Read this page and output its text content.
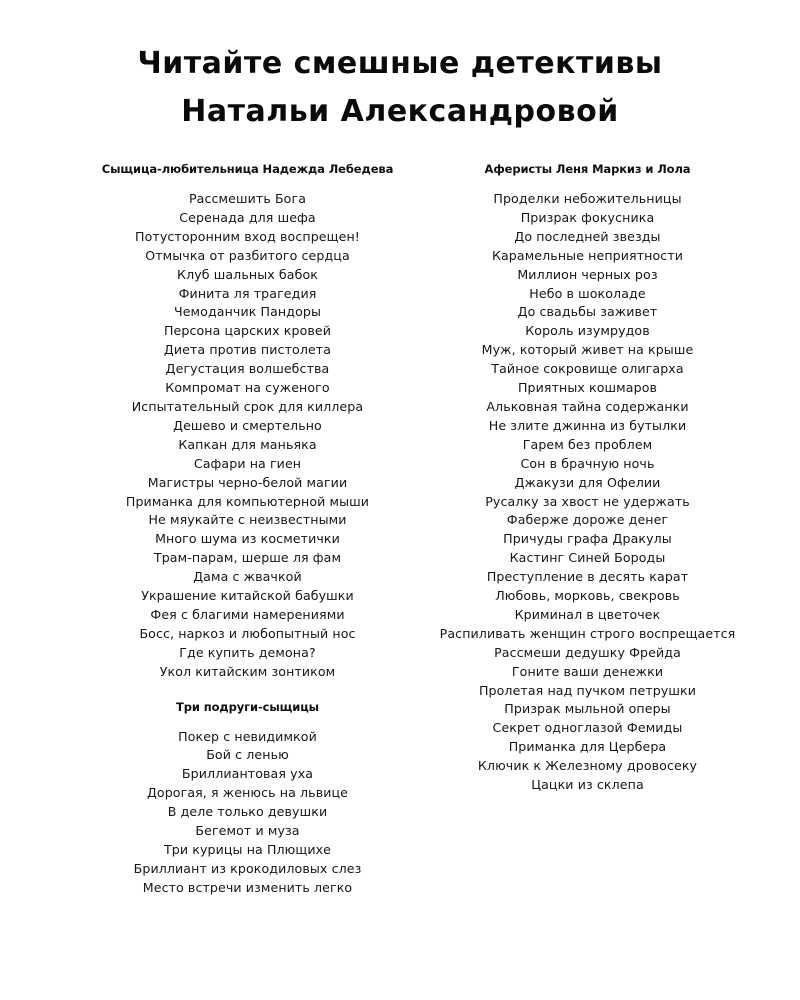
Читайте смешные детективы
Натальи Александровой
Сыщица-любительница Надежда Лебедева
Рассмешить Бога
Серенада для шефа
Потусторонним вход воспрещен!
Отмычка от разбитого сердца
Клуб шальных бабок
Финита ля трагедия
Чемоданчик Пандоры
Персона царских кровей
Диета против пистолета
Дегустация волшебства
Компромат на суженого
Испытательный срок для киллера
Дешево и смертельно
Капкан для маньяка
Сафари на гиен
Магистры черно-белой магии
Приманка для компьютерной мыши
Не мяукайте с неизвестными
Много шума из косметички
Трам-парам, шерше ля фам
Дама с жвачкой
Украшение китайской бабушки
Фея с благими намерениями
Босс, наркоз и любопытный нос
Где купить демона?
Укол китайским зонтиком
Три подруги-сыщицы
Покер с невидимкой
Бой с ленью
Бриллиантовая уха
Дорогая, я женюсь на львице
В деле только девушки
Бегемот и муза
Три курицы на Плющихе
Бриллиант из крокодиловых слез
Место встречи изменить легко
Аферисты Леня Маркиз и Лола
Проделки небожительницы
Призрак фокусника
До последней звезды
Карамельные неприятности
Миллион черных роз
Небо в шоколаде
До свадьбы заживет
Король изумрудов
Муж, который живет на крыше
Тайное сокровище олигарха
Приятных кошмаров
Альковная тайна содержанки
Не злите джинна из бутылки
Гарем без проблем
Сон в брачную ночь
Джакузи для Офелии
Русалку за хвост не удержать
Фаберже дороже денег
Причуды графа Дракулы
Кастинг Синей Бороды
Преступление в десять карат
Любовь, морковь, свекровь
Криминал в цветочек
Распиливать женщин строго воспрещается
Рассмеши дедушку Фрейда
Гоните ваши денежки
Пролетая над пучком петрушки
Призрак мыльной оперы
Секрет одноглазой Фемиды
Приманка для Цербера
Ключик к Железному дровосеку
Цацки из склепа
